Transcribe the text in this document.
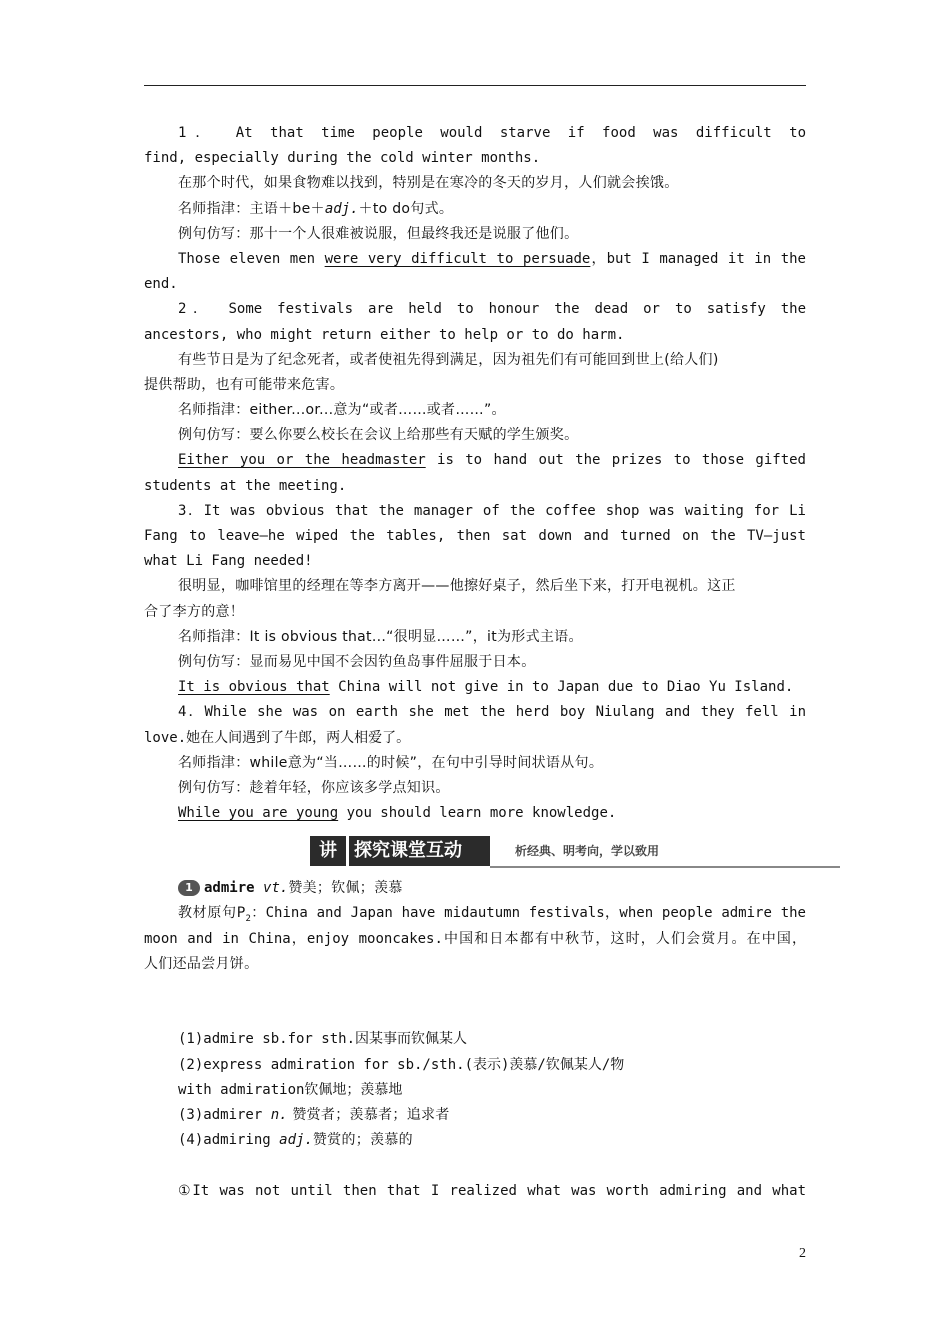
1． At that time people would starve if food was difficult to
find, especially during the cold winter months.
在那个时代，如果食物难以找到，特别是在寒冷的冬天的岁月，人们就会挨饿。
名师指津：主语＋be＋adj.＋to do句式。
例句仿写：那十一个人很难被说服，但最终我还是说服了他们。
Those eleven men were very difficult to persuade，but I managed it in the
end.
2． Some festivals are held to honour the dead or to satisfy the
ancestors, who might return either to help or to do harm.
有些节日是为了纪念死者，或者使祖先得到满足，因为祖先们有可能回到世上(给人们)
提供帮助，也有可能带来危害。
名师指津：either...or...意为“或者……或者……”。
例句仿写：要么你要么校长在会议上给那些有天赋的学生颁奖。
Either you or the headmaster is to hand out the prizes to those gifted
students at the meeting.
3．It was obvious that the manager of the coffee shop was waiting for Li
Fang to leave—he wiped the tables, then sat down and turned on the TV—just
what Li Fang needed!
很明显，咖啡馆里的经理在等李方离开——他擦好桌子，然后坐下来，打开电视机。这正
合了李方的意！
名师指津：It is obvious that...“很明显……”，it为形式主语。
例句仿写：显而易见中国不会因钓鱼岛事件屈服于日本。
It is obvious that China will not give in to Japan due to Diao Yu Island.
4．While she was on earth she met the herd boy Niulang and they fell in
love.她在人间遇到了牛郎，两人相爱了。
名师指津：while意为“当……的时候”，在句中引导时间状语从句。
例句仿写：趁着年轻，你应该多学点知识。
While you are young you should learn more knowledge.
讲 探究课堂互动	析经典、明考向，学以致用
1 admire vt.赞美；钦佩；羡慕
教材原句$P_2$：China and Japan have midautumn festivals，when people admire the
moon and in China，enjoy mooncakes.中国和日本都有中秋节，这时，人们会赏月。在中国，
人们还品尝月饼。
(1)admire sb.for sth.因某事而钦佩某人
(2)express admiration for sb./sth.(表示)羡慕/钦佩某人/物
with admiration钦佩地；羡慕地
(3)admirer n. 赞赏者；羡慕者；追求者
(4)admiring adj.赞赏的；羡慕的
①It was not until then that I realized what was worth admiring and what
2
